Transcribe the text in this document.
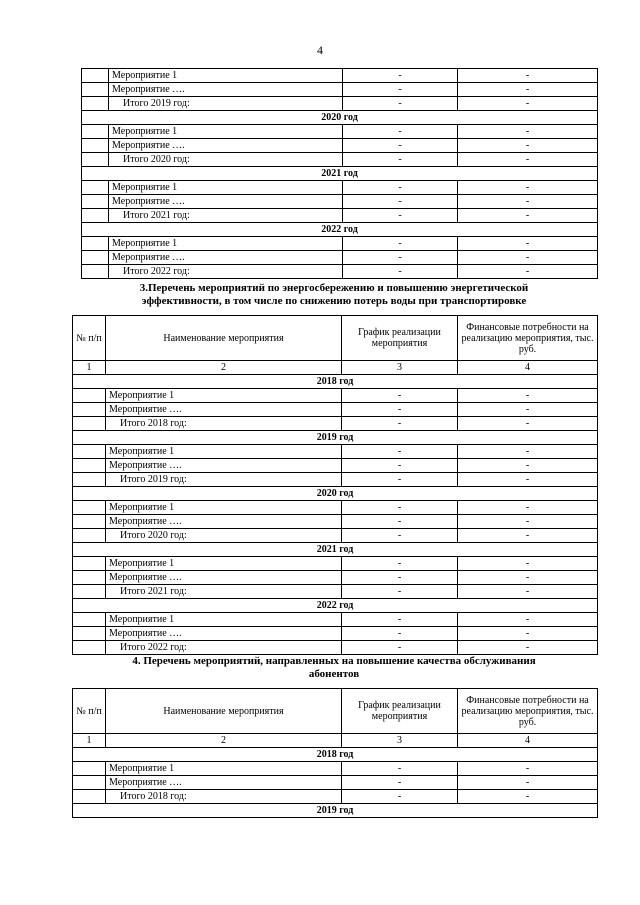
4
	Мероприятие 1	-	-
	Мероприятие ….	-	-
	Итого 2019 год:	-	-
2020 год			
	Мероприятие 1	-	-
	Мероприятие ….	-	-
	Итого 2020 год:	-	-
2021 год			
	Мероприятие 1	-	-
	Мероприятие ….	-	-
	Итого 2021 год:	-	-
2022 год			
	Мероприятие 1	-	-
	Мероприятие ….	-	-
	Итого 2022 год:	-	-
3.Перечень мероприятий по энергосбережению и повышению энергетической
эффективности, в том числе по снижению потерь воды при транспортировке
№ п/п	Наименование мероприятия	График реализации мероприятия	Финансовые потребности на реализацию мероприятия, тыс. руб.
1	2	3	4
2018 год			
	Мероприятие 1	-	-
	Мероприятие ….	-	-
	Итого 2018 год:	-	-
2019 год			
	Мероприятие 1	-	-
	Мероприятие ….	-	-
	Итого 2019 год:	-	-
2020 год			
	Мероприятие 1	-	-
	Мероприятие ….	-	-
	Итого 2020 год:	-	-
2021 год			
	Мероприятие 1	-	-
	Мероприятие ….	-	-
	Итого 2021 год:	-	-
2022 год			
	Мероприятие 1	-	-
	Мероприятие ….	-	-
	Итого 2022 год:	-	-
4. Перечень мероприятий, направленных на повышение качества обслуживания
абонентов
№ п/п	Наименование мероприятия	График реализации мероприятия	Финансовые потребности на реализацию мероприятия, тыс. руб.
1	2	3	4
2018 год			
	Мероприятие 1	-	-
	Мероприятие ….	-	-
	Итого 2018 год:	-	-
2019 год			
